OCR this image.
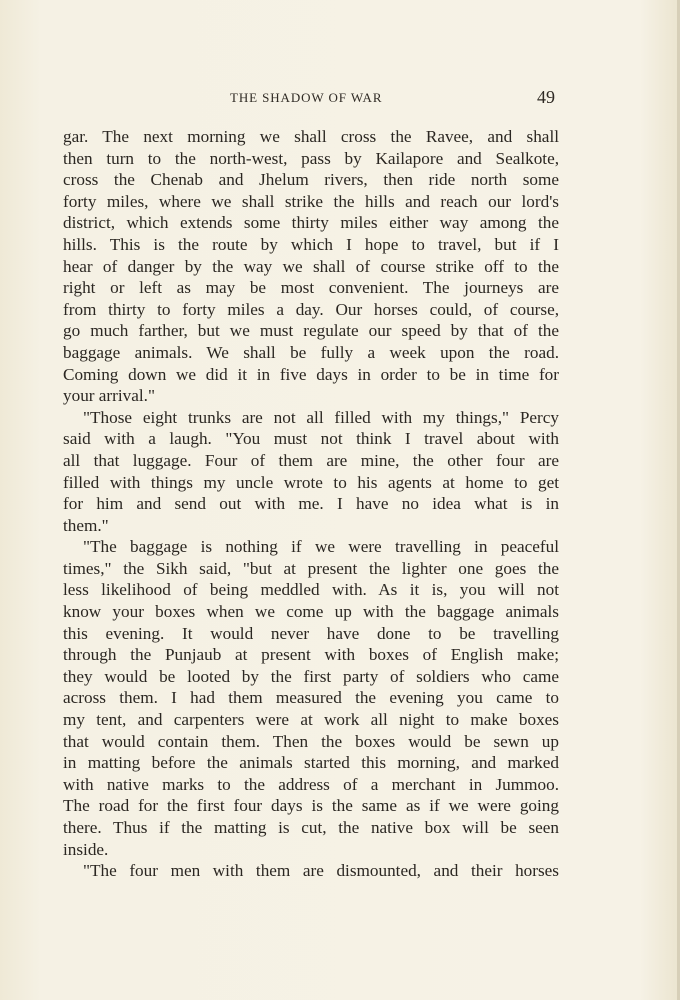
THE SHADOW OF WAR	49
gar. The next morning we shall cross the Ravee, and shall
then turn to the north-west, pass by Kailapore and Sealkote,
cross the Chenab and Jhelum rivers, then ride north some
forty miles, where we shall strike the hills and reach our lord's
district, which extends some thirty miles either way among the
hills. This is the route by which I hope to travel, but if I
hear of danger by the way we shall of course strike off to the
right or left as may be most convenient. The journeys are
from thirty to forty miles a day. Our horses could, of course,
go much farther, but we must regulate our speed by that of the
baggage animals. We shall be fully a week upon the road.
Coming down we did it in five days in order to be in time for
your arrival."
"Those eight trunks are not all filled with my things," Percy
said with a laugh. "You must not think I travel about with
all that luggage. Four of them are mine, the other four are
filled with things my uncle wrote to his agents at home to get
for him and send out with me. I have no idea what is in
them."
"The baggage is nothing if we were travelling in peaceful
times," the Sikh said, "but at present the lighter one goes the
less likelihood of being meddled with. As it is, you will not
know your boxes when we come up with the baggage animals
this evening. It would never have done to be travelling
through the Punjaub at present with boxes of English make;
they would be looted by the first party of soldiers who came
across them. I had them measured the evening you came to
my tent, and carpenters were at work all night to make boxes
that would contain them. Then the boxes would be sewn up
in matting before the animals started this morning, and marked
with native marks to the address of a merchant in Jummoo.
The road for the first four days is the same as if we were going
there. Thus if the matting is cut, the native box will be seen
inside.
"The four men with them are dismounted, and their horses
